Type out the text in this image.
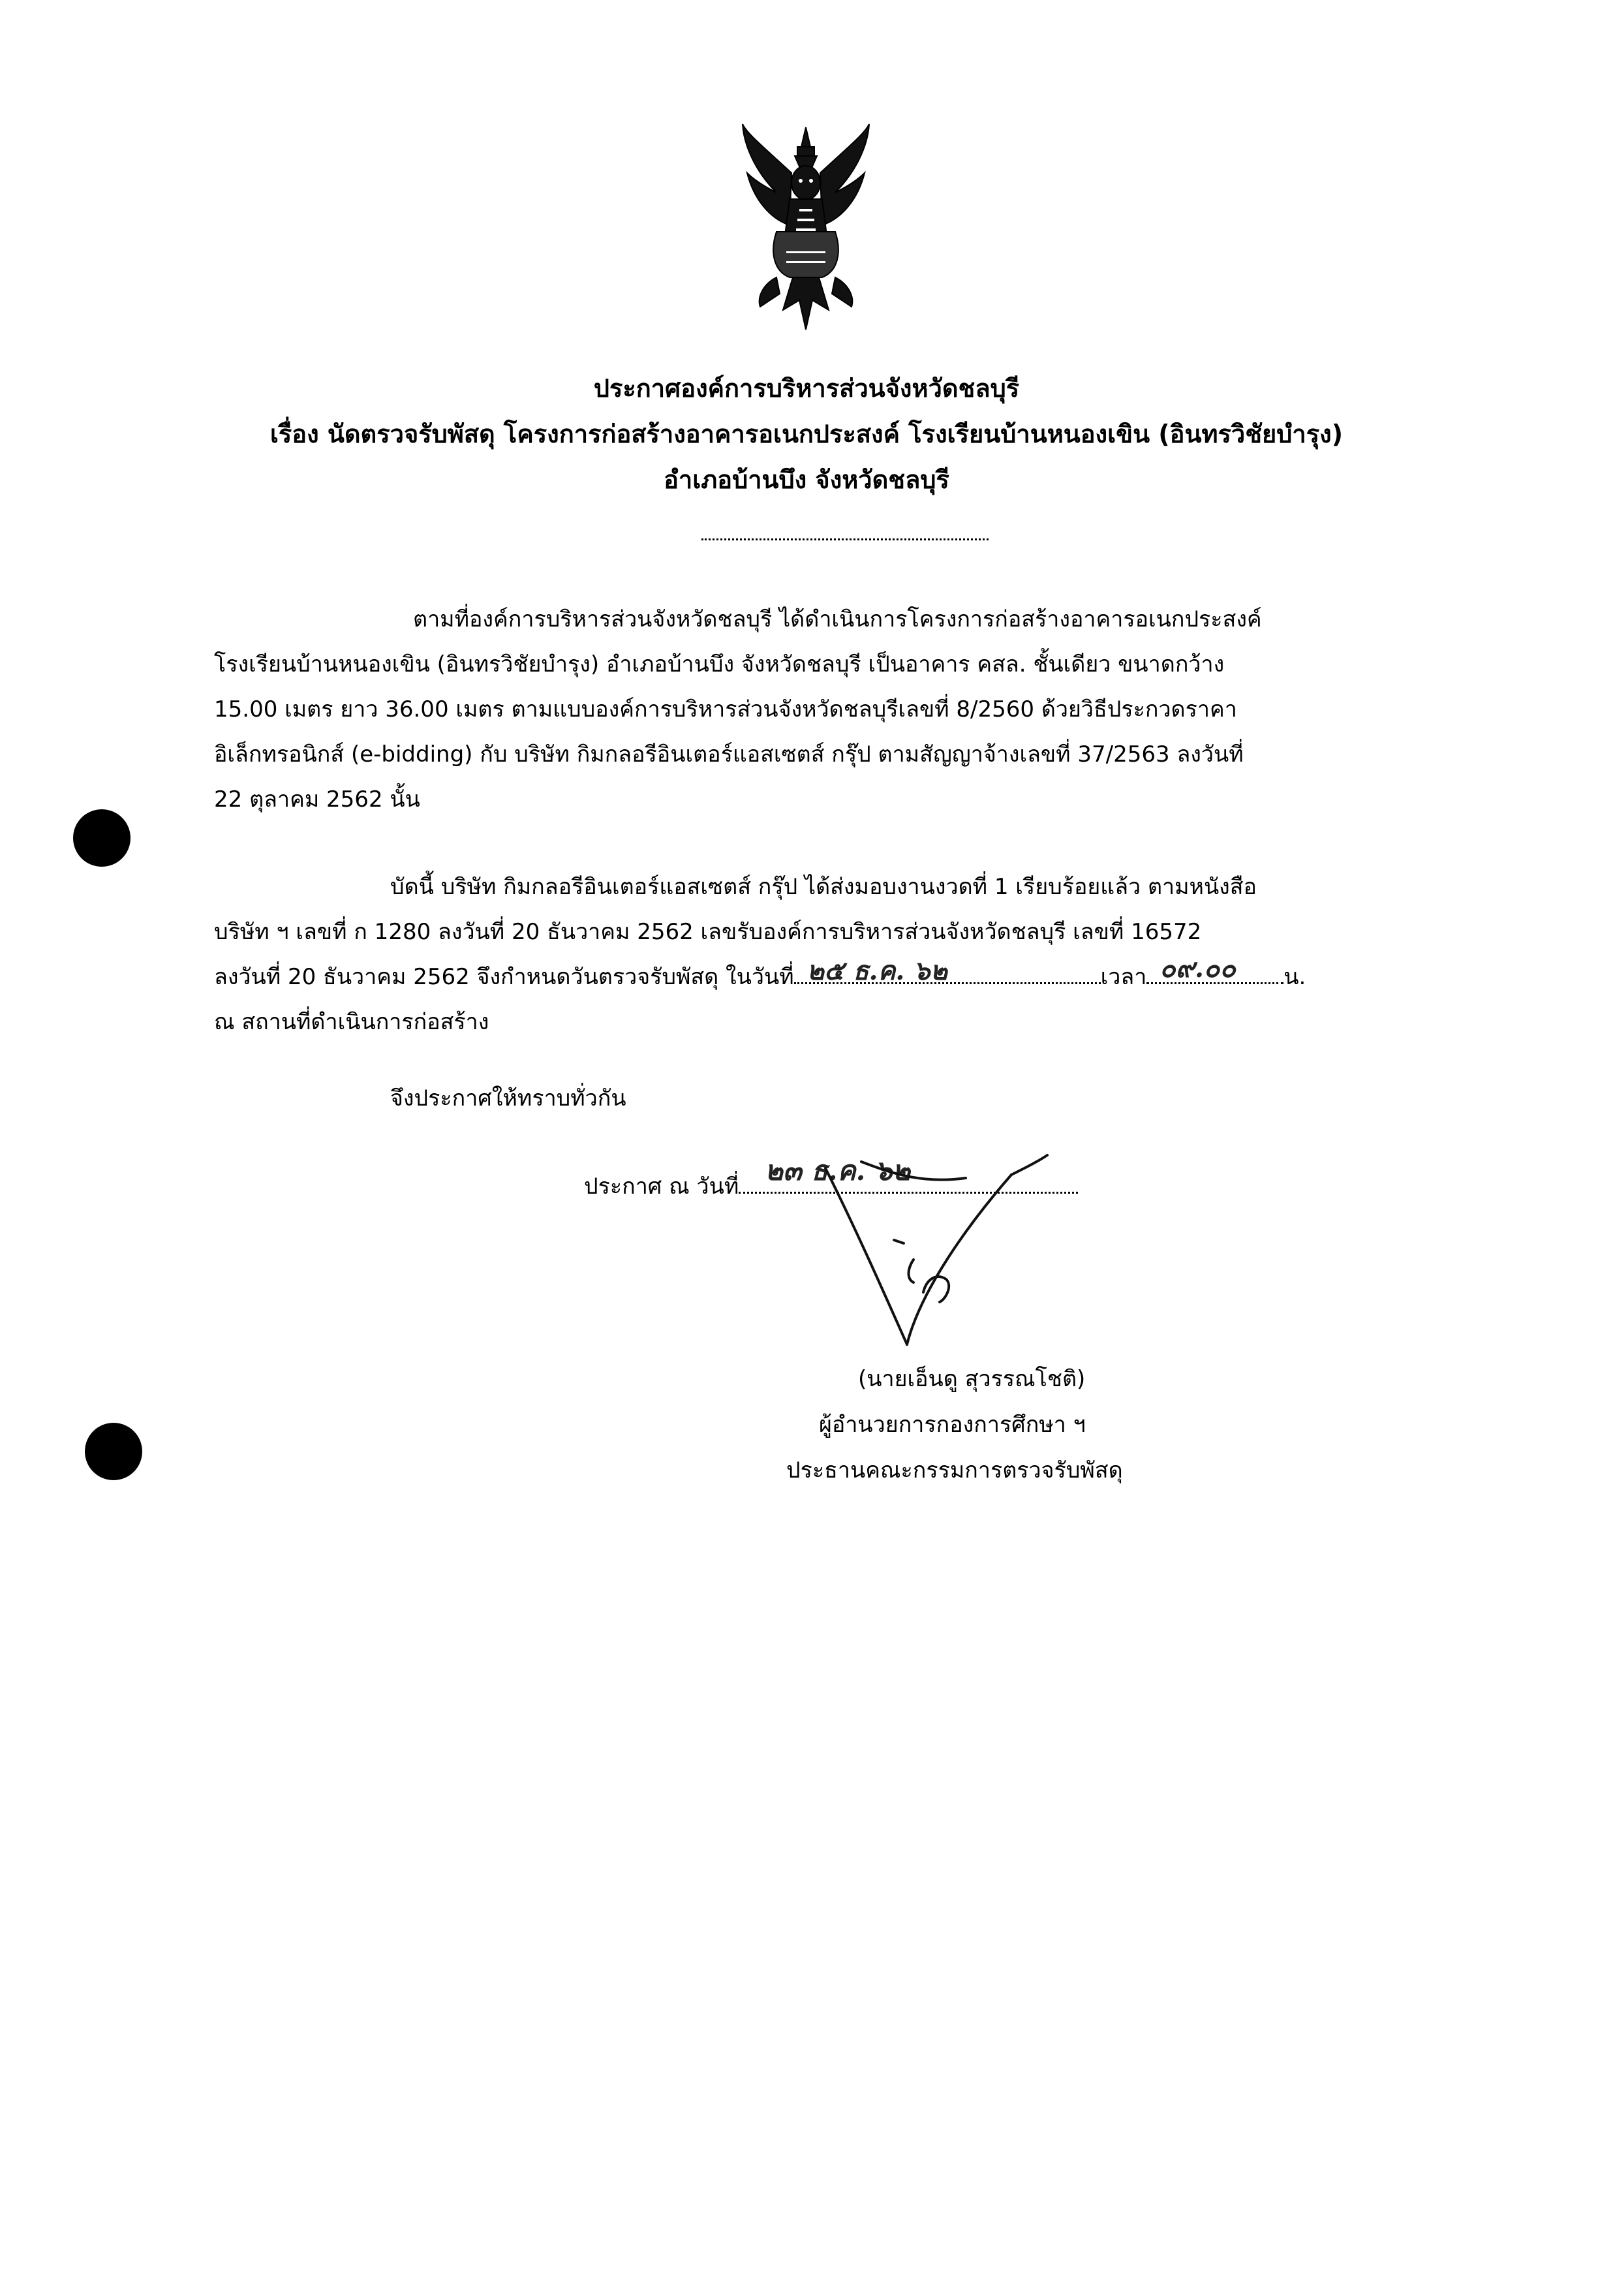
ประกาศองค์การบริหารส่วนจังหวัดชลบุรี
เรื่อง นัดตรวจรับพัสดุ โครงการก่อสร้างอาคารอเนกประสงค์ โรงเรียนบ้านหนองเขิน (อินทรวิชัยบำรุง)
อำเภอบ้านบึง จังหวัดชลบุรี
ตามที่องค์การบริหารส่วนจังหวัดชลบุรี ได้ดำเนินการโครงการก่อสร้างอาคารอเนกประสงค์
โรงเรียนบ้านหนองเขิน (อินทรวิชัยบำรุง) อำเภอบ้านบึง จังหวัดชลบุรี เป็นอาคาร คสล. ชั้นเดียว ขนาดกว้าง
15.00 เมตร ยาว 36.00 เมตร ตามแบบองค์การบริหารส่วนจังหวัดชลบุรีเลขที่ 8/2560 ด้วยวิธีประกวดราคา
อิเล็กทรอนิกส์ (e-bidding) กับ บริษัท กิมกลอรีอินเตอร์แอสเซตส์ กรุ๊ป ตามสัญญาจ้างเลขที่ 37/2563 ลงวันที่
22 ตุลาคม 2562 นั้น
บัดนี้ บริษัท กิมกลอรีอินเตอร์แอสเซตส์ กรุ๊ป ได้ส่งมอบงานงวดที่ 1 เรียบร้อยแล้ว ตามหนังสือ
บริษัท ฯ เลขที่ ก 1280 ลงวันที่ 20 ธันวาคม 2562 เลขรับองค์การบริหารส่วนจังหวัดชลบุรี เลขที่ 16572
ลงวันที่ 20 ธันวาคม 2562 จึงกำหนดวันตรวจรับพัสดุ ในวันที่ ๒๕ ธ.ค. ๖๒	เวลา ๐๙.๐๐ น.
ณ สถานที่ดำเนินการก่อสร้าง
จึงประกาศให้ทราบทั่วกัน
ประกาศ ณ วันที่ ๒๓ ธ.ค. ๖๒
(นายเอ็นดู สุวรรณโชติ)
ผู้อำนวยการกองการศึกษา ฯ
ประธานคณะกรรมการตรวจรับพัสดุ
